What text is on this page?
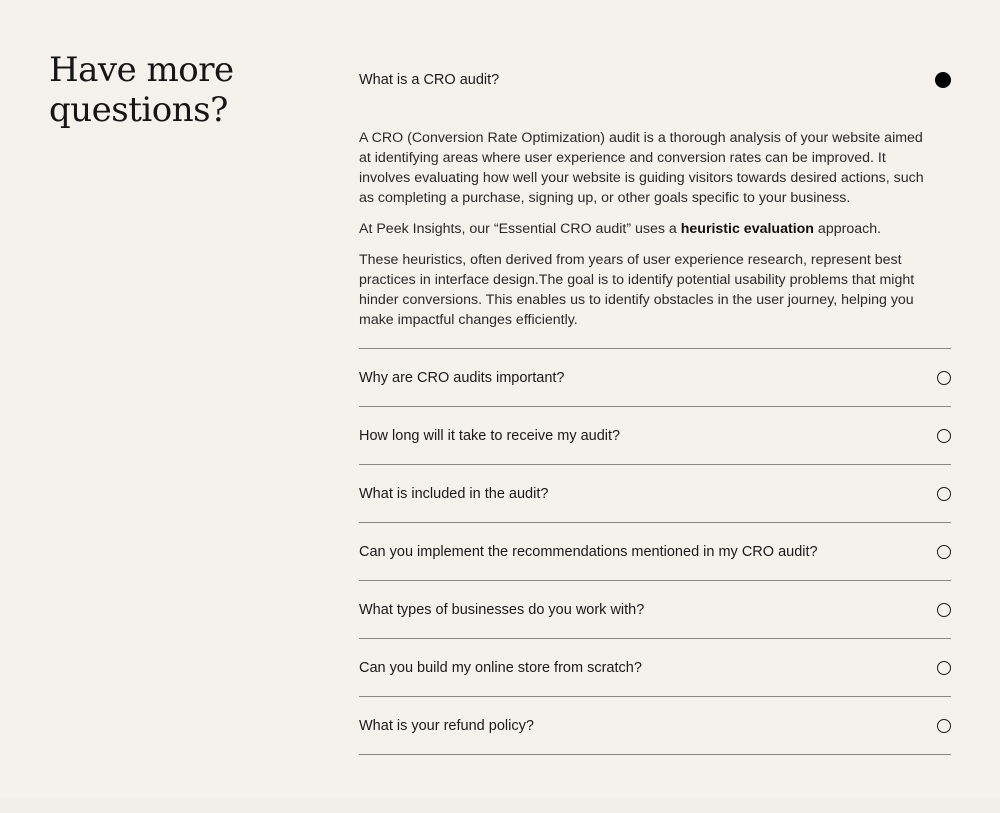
Have more questions?
What is a CRO audit?

A CRO (Conversion Rate Optimization) audit is a thorough analysis of your website aimed at identifying areas where user experience and conversion rates can be improved. It involves evaluating how well your website is guiding visitors towards desired actions, such as completing a purchase, signing up, or other goals specific to your business.

At Peek Insights, our “Essential CRO audit” uses a heuristic evaluation approach.

These heuristics, often derived from years of user experience research, represent best practices in interface design.The goal is to identify potential usability problems that might hinder conversions. This enables us to identify obstacles in the user journey, helping you make impactful changes efficiently.

Why are CRO audits important?
How long will it take to receive my audit?
What is included in the audit?
Can you implement the recommendations mentioned in my CRO audit?
What types of businesses do you work with?
Can you build my online store from scratch?
What is your refund policy?
